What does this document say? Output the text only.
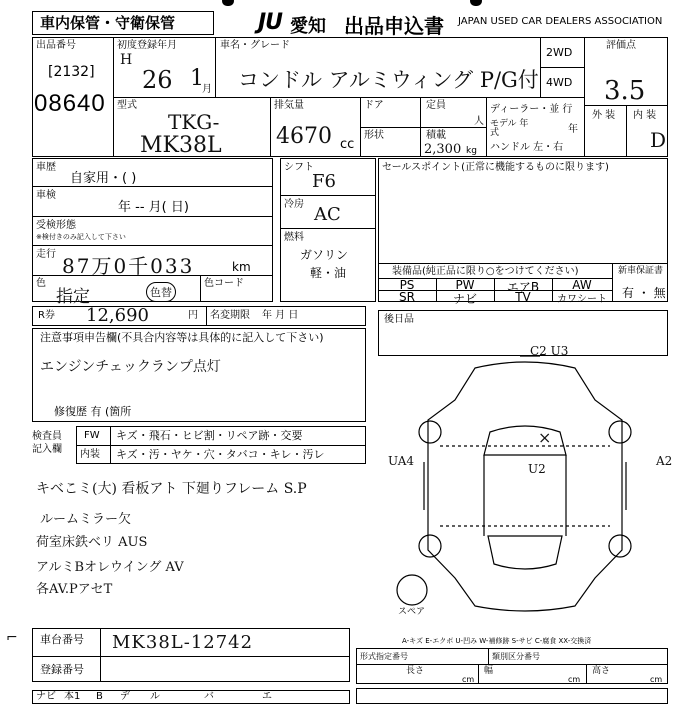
車内保管・守衛保管	JU 愛知 出品申込書 JAPAN USED CAR DEALERS ASSOCIATION
出品番号
[2132]
08640
初度登録年月
H
26 1
月
車名・グレード
コンドル アルミウィング P/G付
2WD
4WD
評価点
3.5
外 装 内 装
D
型式
TKG-
MK38L
排気量
4670 cc
ドア
形状
定員
人
積載
2,300 kg
ディーラー・並 行
モデル 年式	年
ハンドル 左・右
車歴
自家用・( )
車検
年 -- 月( 日)
受検形態
※検付きのみ記入して下さい
走行 87万0千033	km
色
指定	色替
色コード
シフト
F6
冷房 AC
燃料
ガソリン
軽・油
セールスポイント(正常に機能するものに限ります)
装備品(純正品に限り○をつけてください)	新車保証書
有 ・ 無
PS	PW	エアB	AW
SR	ナビ	TV	カワシート
R券 12,690	円 名変期限 年 月 日
注意事項申告欄(不具合内容等は具体的に記入して下さい)
エンジンチェックランプ点灯
修復歴 有 (箇所
後日品
検査員 記入欄
FW キズ・飛石・ヒビ割・リペア跡・交要
内装 キズ・汚・ヤケ・穴・タバコ・キレ・汚レ
キベこミ(大) 看板アト 下廻りフレーム S.P
ルームミラー欠
荷室床鉄ベリ AUS
アルミBオレウイング AV
各AV.PアセT
C2 U3
UA4	A2
U2
×
スペア
A-キズ E-エクボ U-凹み W-補修跡 S-サビ C-腐食 XX-交換済
車台番号 MK38L-12742
登録番号
⌐
形式指定番号	類別区分番号
長さ
cm
幅
cm
高さ
cm
ナビ 本1 B デ ル	バ	エ
